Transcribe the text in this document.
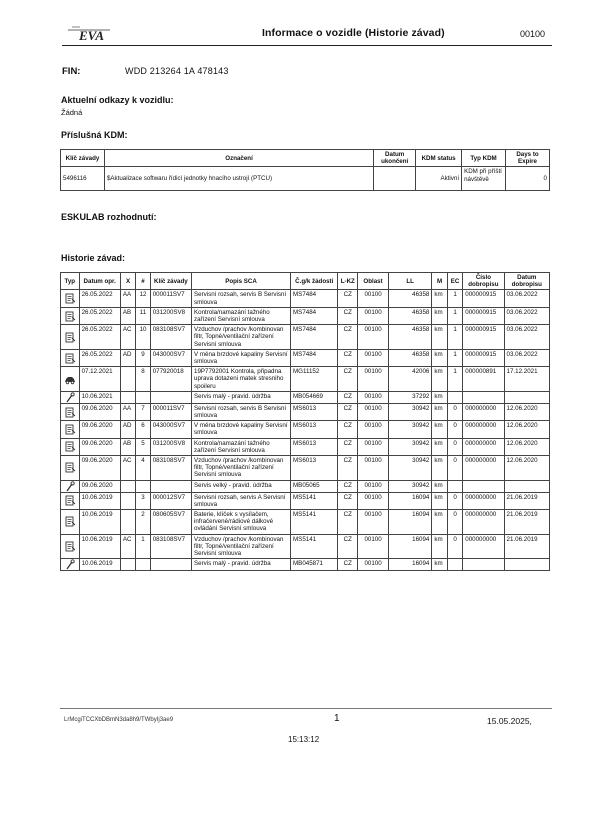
EVA	Informace o vozidle (Historie závad)	00100
FIN:	WDD 213264 1A 478143
Aktuelní odkazy k vozidlu:
Žádná
Příslušná KDM:
Klíč závady	Označení	Datum ukončení	KDM status	Typ KDM	Days to Expire
5496116	$Aktualizace softwaru řídicí jednotky hnacího ustrojí (PTCU)		Aktivní	KDM při příští návštěvě	0
ESKULAB rozhodnutí:
Historie závad:
Typ	Datum opr.	X	#	Klíč závady	Popis SCA	Č.g/k žádosti	L-KZ	Oblast	LL	M	EC	Číslo dobropisu	Datum dobropisu
	26.05.2022	AA	12	000011SV7	Servisní rozsah, servis B Servisní smlouva	MS7484	CZ	00100	46358	km	1	000000915	03.06.2022
	26.05.2022	AB	11	031200SV8	Kontrola/namazání tažného zařízení Servisní smlouva	MS7484	CZ	00100	46358	km	1	000000915	03.06.2022
	26.05.2022	AC	10	083108SV7	Vzduchov /prachov /kombinovan filtr, Topné/ventilační zařízení Servisní smlouva	MS7484	CZ	00100	46358	km	1	000000915	03.06.2022
	26.05.2022	AD	9	043000SV7	V měna brzdové kapaliny Servisní smlouva	MS7484	CZ	00100	46358	km	1	000000915	03.06.2022
	07.12.2021		8	077920018	19P7792001 Kontrola, připadna uprava dotazeni matek stresniho spoileru	MG11152	CZ	00100	42006	km	1	000000891	17.12.2021
	10.06.2021				Servis malý - pravid. údržba	MB054669	CZ	00100	37292	km			
	09.06.2020	AA	7	000011SV7	Servisní rozsah, servis B Servisní smlouva	MS6013	CZ	00100	30942	km	0	000000000	12.06.2020
	09.06.2020	AD	6	043000SV7	V měna brzdové kapaliny Servisní smlouva	MS6013	CZ	00100	30942	km	0	000000000	12.06.2020
	09.06.2020	AB	5	031200SV8	Kontrola/namazání tažného zařízení Servisní smlouva	MS6013	CZ	00100	30942	km	0	000000000	12.06.2020
	09.06.2020	AC	4	083108SV7	Vzduchov /prachov /kombinovan filtr, Topné/ventilační zařízení Servisní smlouva	MS6013	CZ	00100	30942	km	0	000000000	12.06.2020
	09.06.2020				Servis velký - pravid. údržba	MB05065	CZ	00100	30942	km			
	10.06.2019		3	000012SV7	Servisní rozsah, servis A Servisní smlouva	MS5141	CZ	00100	16094	km	0	000000000	21.06.2019
	10.06.2019		2	080605SV7	Baterie, klíček s vysílačem, infračervené/rádiové dálkové ovládání Servisní smlouva	MS5141	CZ	00100	16094	km	0	000000000	21.06.2019
	10.06.2019	AC	1	083108SV7	Vzduchov /prachov /kombinovan filtr, Topné/ventilační zařízení Servisní smlouva	MS5141	CZ	00100	16094	km	0	000000000	21.06.2019
	10.06.2019				Servis malý - pravid. údržba	MB045871	CZ	00100	16094	km			
LrMcgiTCCXbDBmN3da8h9/TWbyIj3ae9	1	15.05.2025,
15:13:12
